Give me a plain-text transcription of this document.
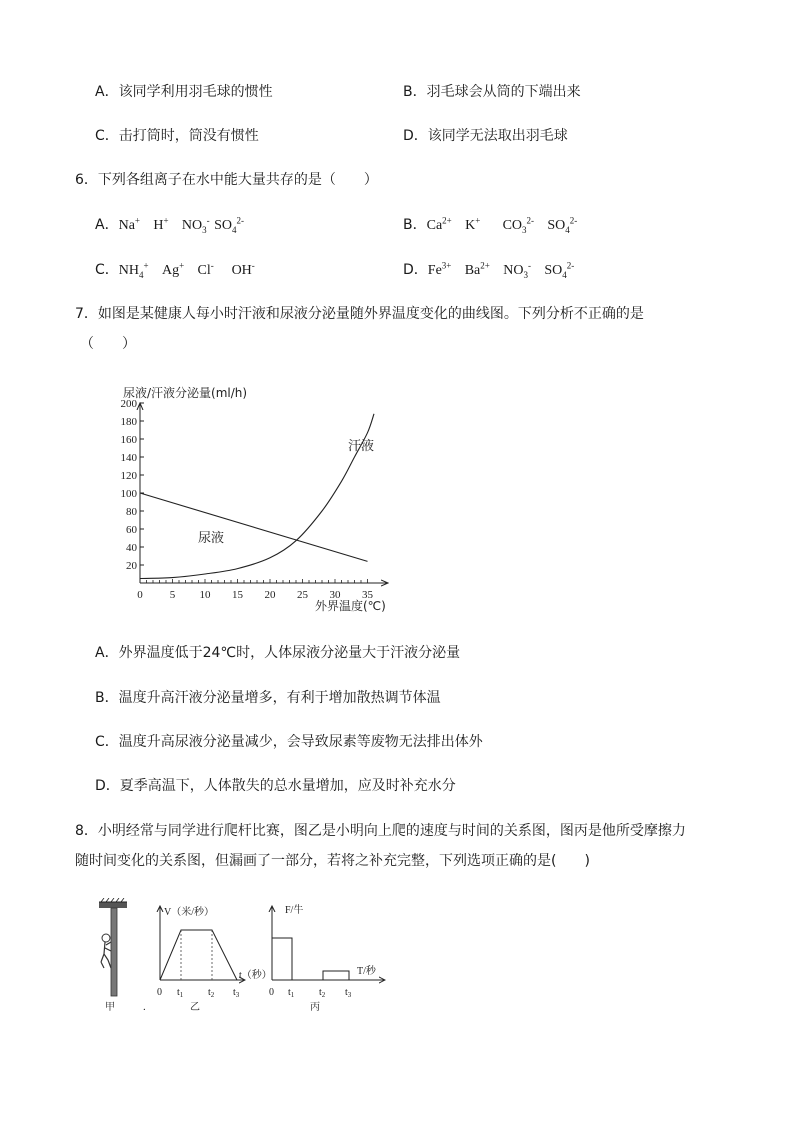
A．该同学利用羽毛球的惯性	B．羽毛球会从筒的下端出来
C．击打筒时，筒没有惯性	D．该同学无法取出羽毛球
6．下列各组离子在水中能大量共存的是（　　）
A．Na+ H+ $NO_3^-$ $SO_4^{2-}$	B．$Ca^{2+}$ K+ $CO_3^{2-}$ $SO_4^{2-}$
C．$NH_4^+$ Ag+ Cl- OH-	D．$Fe^{3+}$ $Ba^{2+}$ $NO_3^-$ $SO_4^{2-}$
7．如图是某健康人每小时汗液和尿液分泌量随外界温度变化的曲线图。下列分析不正确的是
（　　）
尿液/汗液分泌量(ml/h)
20
40
60
80
100
120
140
160
180
200
0 5 10 15 20 25 30 35
汗液
尿液
外界温度(℃)
A．外界温度低于24℃时，人体尿液分泌量大于汗液分泌量
B．温度升高汗液分泌量增多，有利于增加散热调节体温
C．温度升高尿液分泌量减少，会导致尿素等废物无法排出体外
D．夏季高温下，人体散失的总水量增加，应及时补充水分
8．小明经常与同学进行爬杆比赛，图乙是小明向上爬的速度与时间的关系图，图丙是他所受摩擦力
随时间变化的关系图，但漏画了一部分，若将之补充完整，下列选项正确的是(　　)
甲	.
V（米/秒）
t（秒）
0 $t_1$ $t_2$ $t_3$
乙
F/牛
T/秒
0 $t_1$ $t_2$ $t_3$
丙
